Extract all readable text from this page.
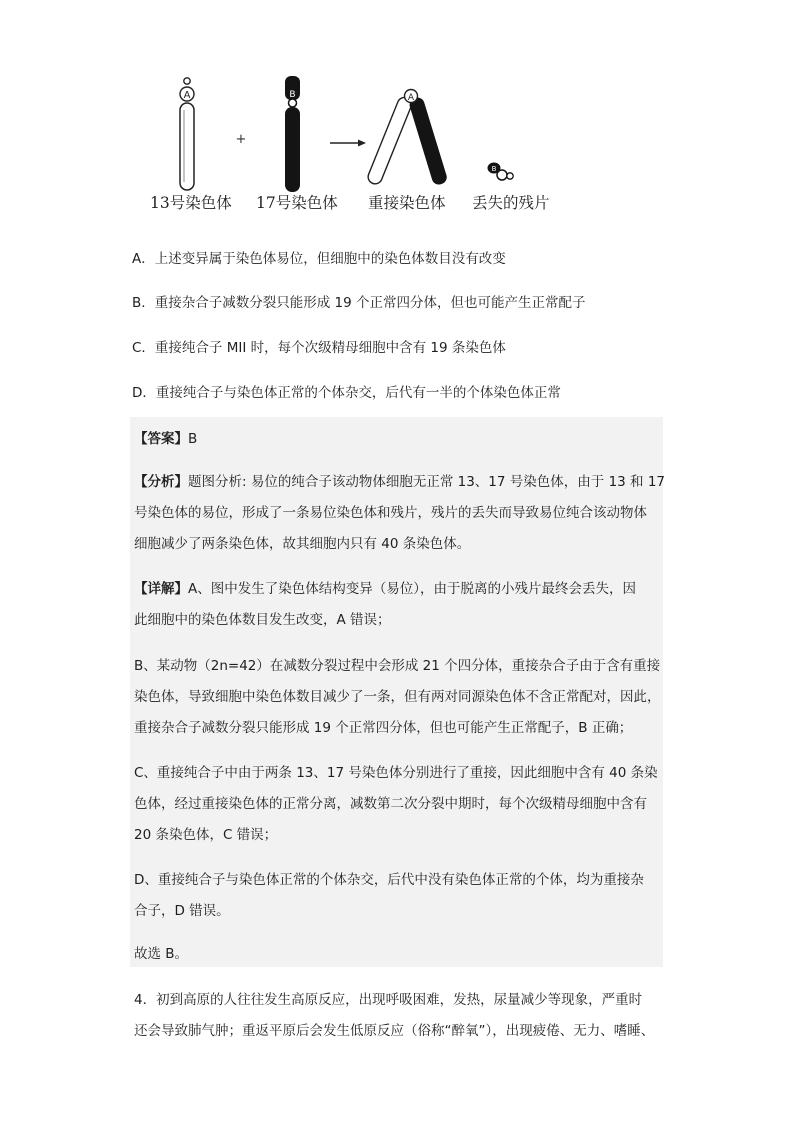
A
+
B	A
B
13号染色体 17号染色体 重接染色体 丢失的残片
A．上述变异属于染色体易位，但细胞中的染色体数目没有改变
B．重接杂合子减数分裂只能形成 19 个正常四分体，但也可能产生正常配子
C．重接纯合子 MII 时，每个次级精母细胞中含有 19 条染色体
D．重接纯合子与染色体正常的个体杂交，后代有一半的个体染色体正常
【答案】B
【分析】题图分析: 易位的纯合子该动物体细胞无正常 13、17 号染色体，由于 13 和 17
号染色体的易位，形成了一条易位染色体和残片，残片的丢失而导致易位纯合该动物体
细胞减少了两条染色体，故其细胞内只有 40 条染色体。
【详解】A、图中发生了染色体结构变异（易位），由于脱离的小残片最终会丢失，因
此细胞中的染色体数目发生改变，A 错误；
B、某动物（2n=42）在减数分裂过程中会形成 21 个四分体，重接杂合子由于含有重接
染色体，导致细胞中染色体数目减少了一条，但有两对同源染色体不含正常配对，因此，
重接杂合子减数分裂只能形成 19 个正常四分体，但也可能产生正常配子，B 正确；
C、重接纯合子中由于两条 13、17 号染色体分别进行了重接，因此细胞中含有 40 条染
色体，经过重接染色体的正常分离，减数第二次分裂中期时，每个次级精母细胞中含有
20 条染色体，C 错误；
D、重接纯合子与染色体正常的个体杂交，后代中没有染色体正常的个体，均为重接杂
合子，D 错误。
故选 B。
4．初到高原的人往往发生高原反应，出现呼吸困难，发热，尿量减少等现象，严重时
还会导致肺气肿；重返平原后会发生低原反应（俗称“醉氧”），出现疲倦、无力、嗜睡、
